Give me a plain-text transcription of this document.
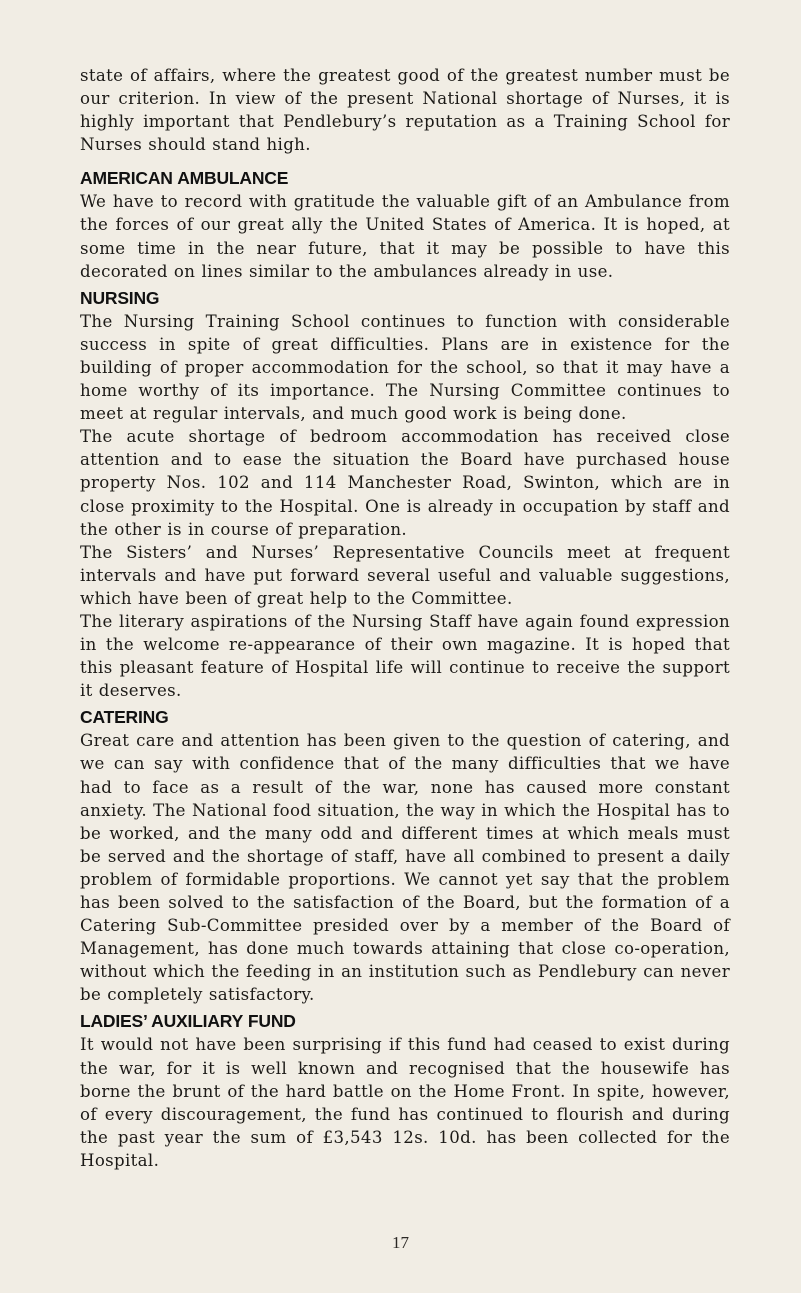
state of affairs, where the greatest good of the greatest number must be our criterion. In view of the present National shortage of Nurses, it is highly important that Pendlebury’s reputation as a Training School for Nurses should stand high.

AMERICAN AMBULANCE

We have to record with gratitude the valuable gift of an Ambulance from the forces of our great ally the United States of America. It is hoped, at some time in the near future, that it may be possible to have this decorated on lines similar to the ambulances already in use.

NURSING

The Nursing Training School continues to function with considerable success in spite of great difficulties. Plans are in existence for the building of proper accommodation for the school, so that it may have a home worthy of its importance. The Nursing Committee continues to meet at regular intervals, and much good work is being done.

The acute shortage of bedroom accommodation has received close attention and to ease the situation the Board have purchased house property Nos. 102 and 114 Manchester Road, Swinton, which are in close proximity to the Hospital. One is already in occupation by staff and the other is in course of preparation.

The Sisters’ and Nurses’ Representative Councils meet at frequent intervals and have put forward several useful and valuable suggestions, which have been of great help to the Committee.

The literary aspirations of the Nursing Staff have again found expression in the welcome re-appearance of their own magazine. It is hoped that this pleasant feature of Hospital life will continue to receive the support it deserves.

CATERING

Great care and attention has been given to the question of catering, and we can say with confidence that of the many difficulties that we have had to face as a result of the war, none has caused more constant anxiety. The National food situation, the way in which the Hospital has to be worked, and the many odd and different times at which meals must be served and the shortage of staff, have all combined to present a daily problem of formidable proportions. We cannot yet say that the problem has been solved to the satisfaction of the Board, but the formation of a Catering Sub-Committee presided over by a member of the Board of Management, has done much towards attaining that close co-operation, without which the feeding in an institution such as Pendlebury can never be completely satisfactory.

LADIES’ AUXILIARY FUND

It would not have been surprising if this fund had ceased to exist during the war, for it is well known and recognised that the housewife has borne the brunt of the hard battle on the Home Front. In spite, however, of every discouragement, the fund has continued to flourish and during the past year the sum of £3,543 12s. 10d. has been collected for the Hospital.

17
